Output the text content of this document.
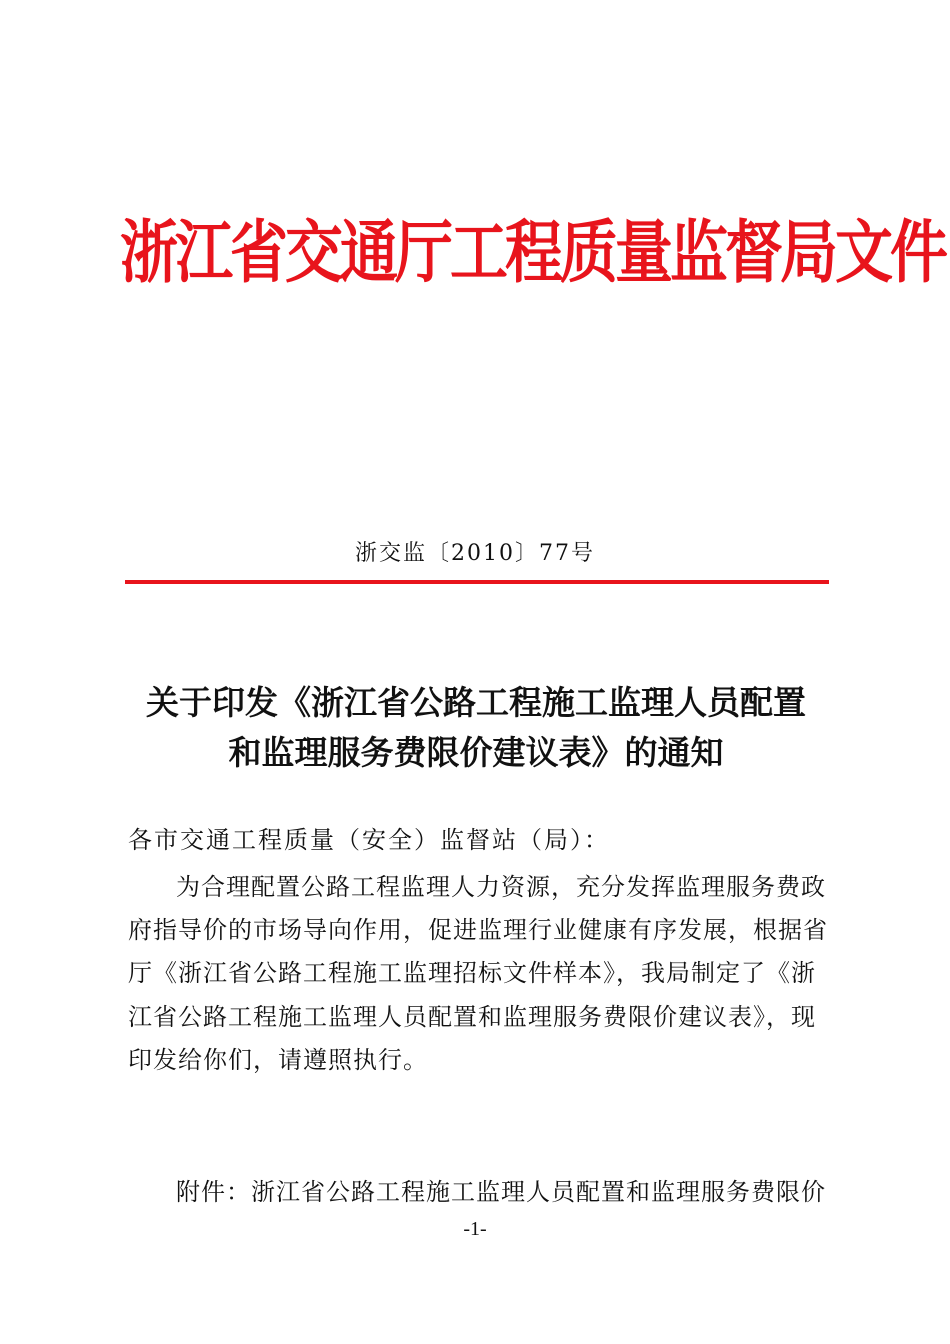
浙江省交通厅工程质量监督局文件
浙交监〔2010〕77号
关于印发《浙江省公路工程施工监理人员配置
和监理服务费限价建议表》的通知
各市交通工程质量（安全）监督站（局）：
为合理配置公路工程监理人力资源，充分发挥监理服务费政
府指导价的市场导向作用，促进监理行业健康有序发展，根据省
厅《浙江省公路工程施工监理招标文件样本》，我局制定了《浙
江省公路工程施工监理人员配置和监理服务费限价建议表》，现
印发给你们，请遵照执行。
附件：浙江省公路工程施工监理人员配置和监理服务费限价
-1-
